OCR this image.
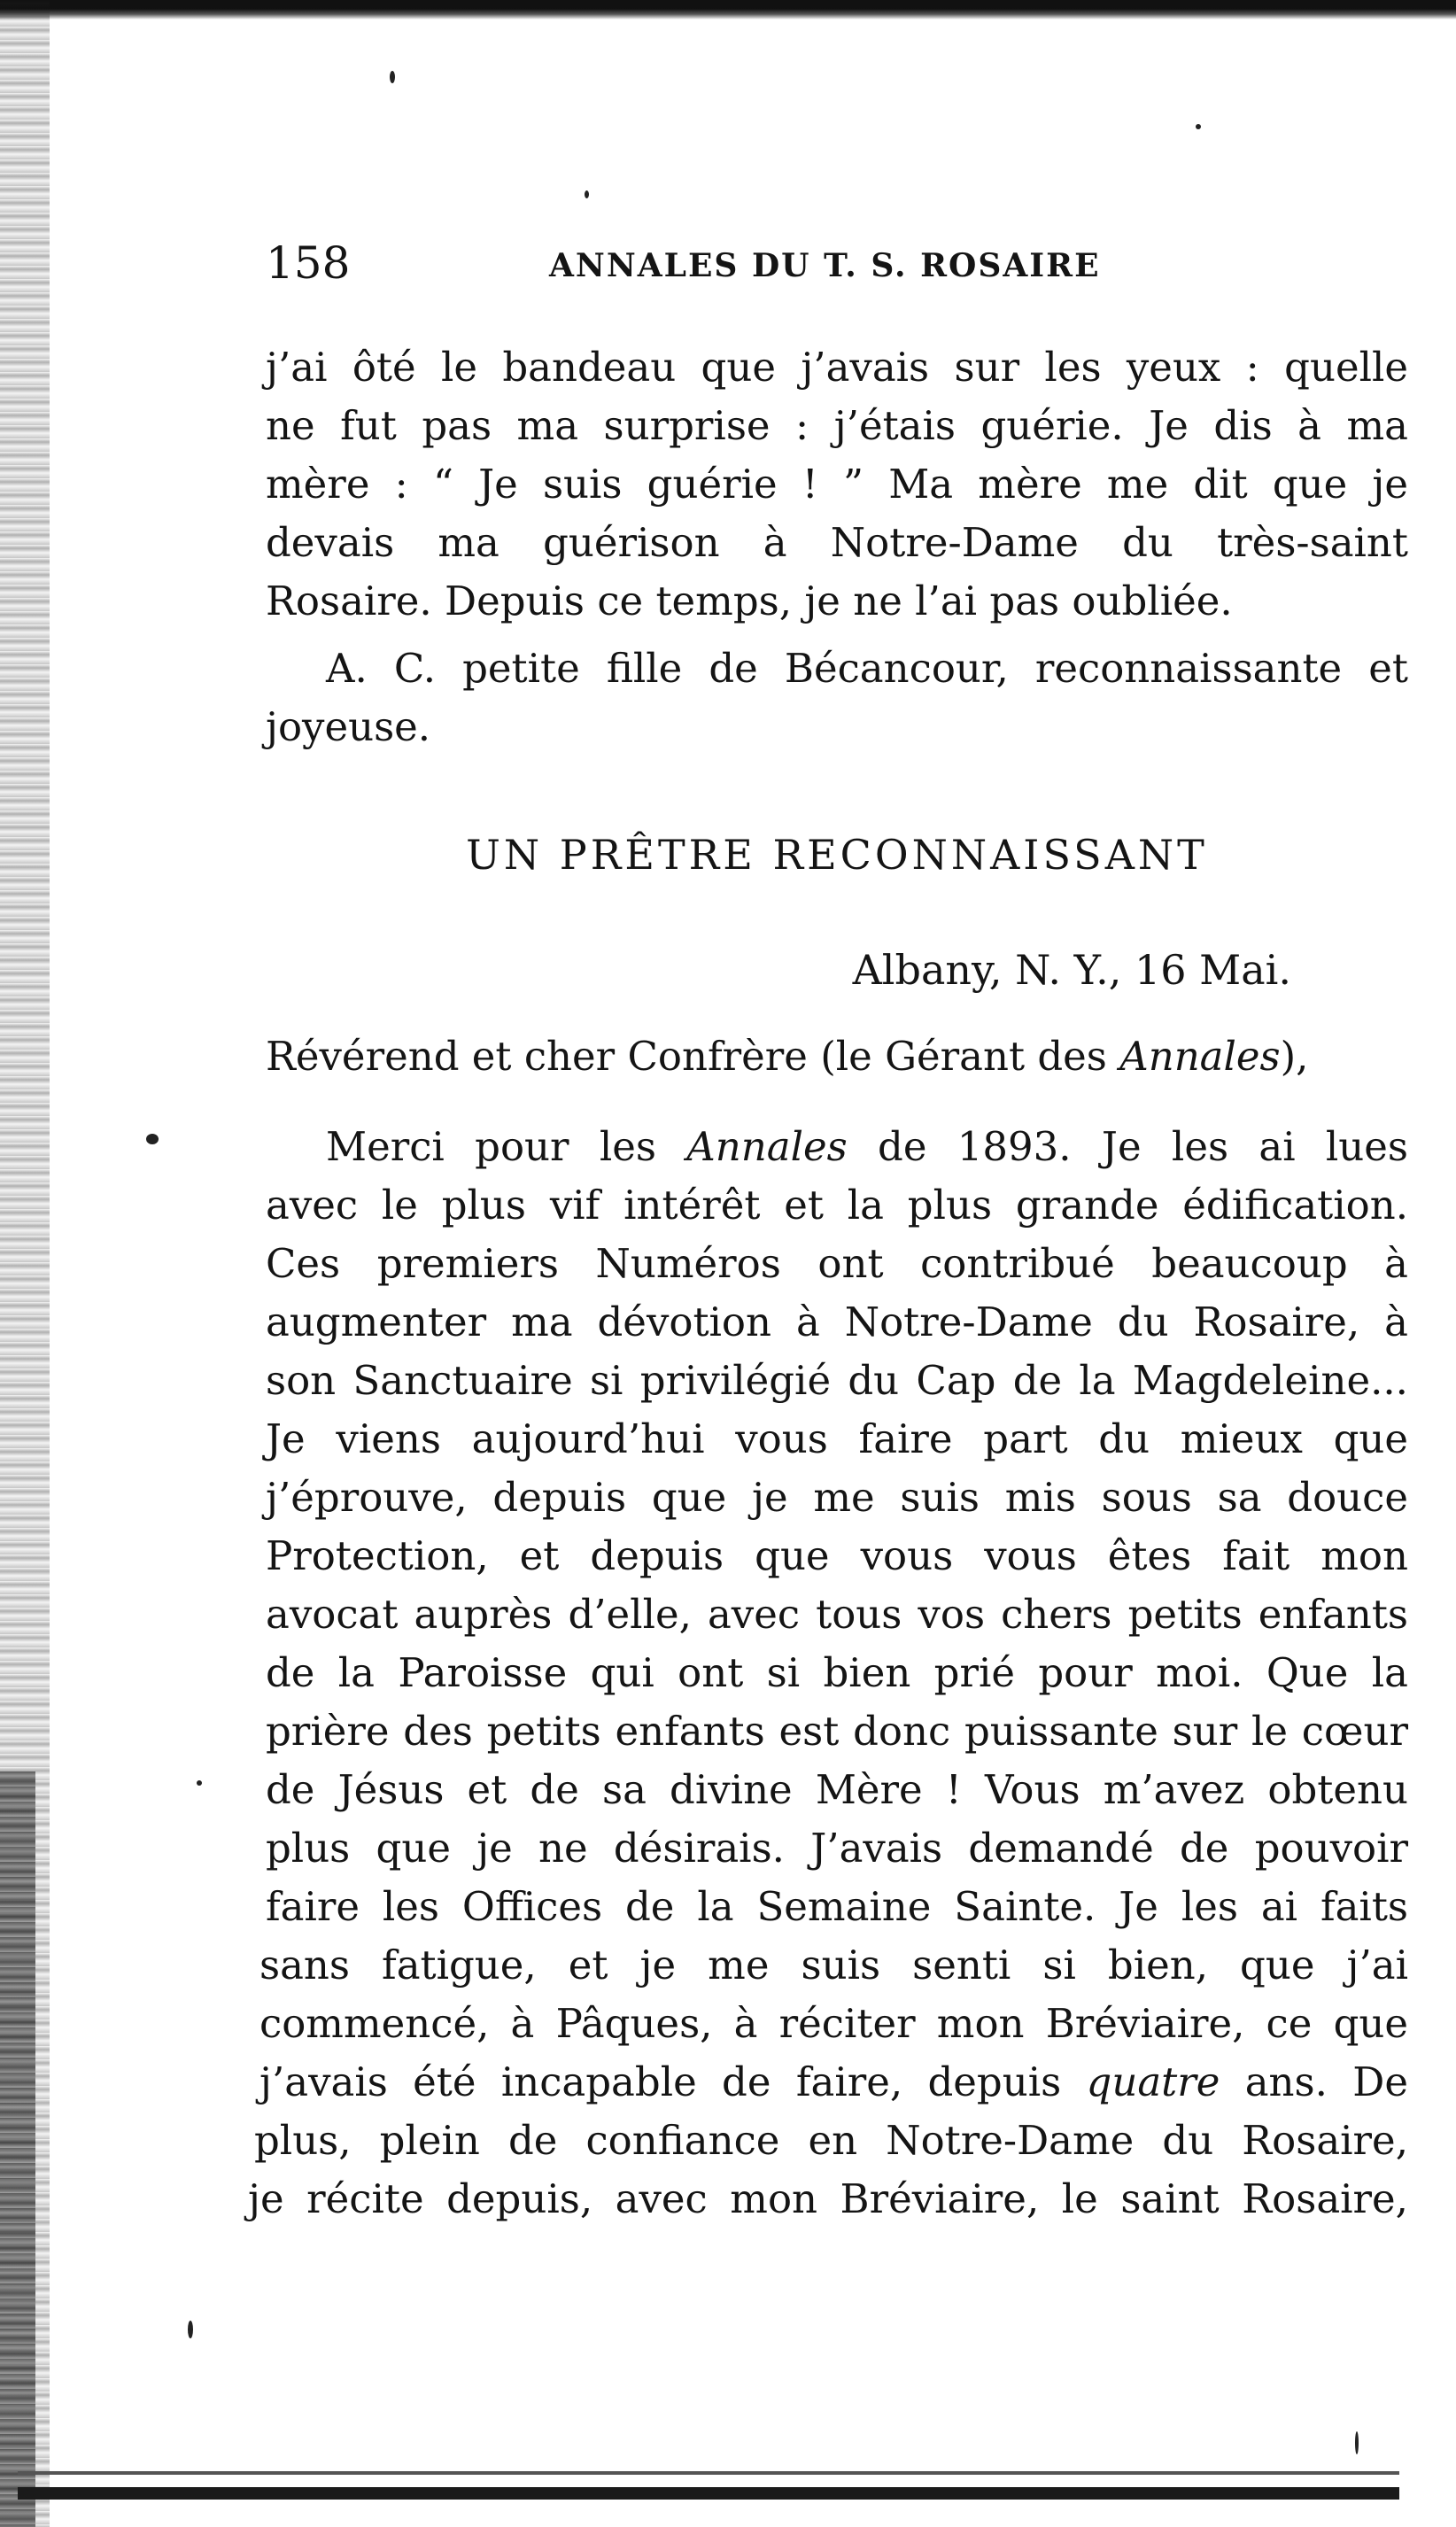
158	ANNALES DU T. S. ROSAIRE
j’ai ôté le bandeau que j’avais sur les yeux : quelle
ne fut pas ma surprise : j’étais guérie. Je dis à ma
mère : “ Je suis guérie ! ” Ma mère me dit que je
devais ma guérison à Notre-Dame du très-saint
Rosaire. Depuis ce temps, je ne l’ai pas oubliée.
A. C. petite fille de Bécancour, reconnaissante et
joyeuse.
UN PRÊTRE RECONNAISSANT
Albany, N. Y., 16 Mai.
Révérend et cher Confrère (le Gérant des Annales),
Merci pour les Annales de 1893. Je les ai lues
avec le plus vif intérêt et la plus grande édification.
Ces premiers Numéros ont contribué beaucoup à
augmenter ma dévotion à Notre-Dame du Rosaire, à
son Sanctuaire si privilégié du Cap de la Magdeleine...
Je viens aujourd’hui vous faire part du mieux que
j’éprouve, depuis que je me suis mis sous sa douce
Protection, et depuis que vous vous êtes fait mon
avocat auprès d’elle, avec tous vos chers petits enfants
de la Paroisse qui ont si bien prié pour moi. Que la
prière des petits enfants est donc puissante sur le cœur
de Jésus et de sa divine Mère ! Vous m’avez obtenu
plus que je ne désirais. J’avais demandé de pouvoir
faire les Offices de la Semaine Sainte. Je les ai faits
sans fatigue, et je me suis senti si bien, que j’ai
commencé, à Pâques, à réciter mon Bréviaire, ce que
j’avais été incapable de faire, depuis quatre ans. De
plus, plein de confiance en Notre-Dame du Rosaire,
je récite depuis, avec mon Bréviaire, le saint Rosaire,
